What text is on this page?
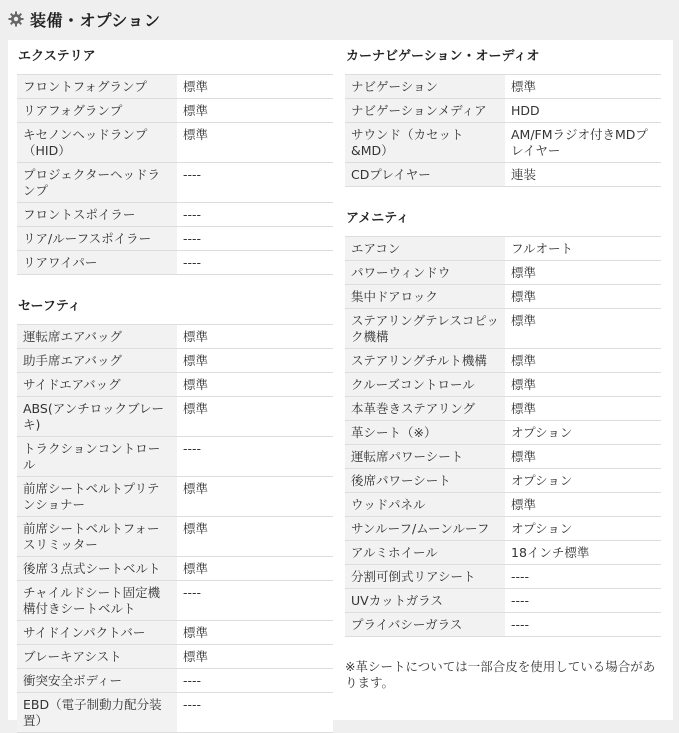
装備・オプション
エクステリア
フロントフォグランプ	標準
リアフォグランプ	標準
キセノンヘッドランプ（HID）	標準
プロジェクターヘッドランプ	----
フロントスポイラー	----
リア/ルーフスポイラー	----
リアワイパー	----
セーフティ
運転席エアバッグ	標準
助手席エアバッグ	標準
サイドエアバッグ	標準
ABS(アンチロックブレーキ)	標準
トラクションコントロール	----
前席シートベルトプリテンショナー	標準
前席シートベルトフォースリミッター	標準
後席３点式シートベルト	標準
チャイルドシート固定機構付きシートベルト	----
サイドインパクトバー	標準
ブレーキアシスト	標準
衝突安全ボディー	----
EBD（電子制動力配分装置）	----
カーナビゲーション・オーディオ
ナビゲーション	標準
ナビゲーションメディア	HDD
サウンド（カセット&MD）	AM/FMラジオ付きMDプレイヤー
CDプレイヤー	連装
アメニティ
エアコン	フルオート
パワーウィンドウ	標準
集中ドアロック	標準
ステアリングテレスコピック機構	標準
ステアリングチルト機構	標準
クルーズコントロール	標準
本革巻きステアリング	標準
革シート（※）	オプション
運転席パワーシート	標準
後席パワーシート	オプション
ウッドパネル	標準
サンルーフ/ムーンルーフ	オプション
アルミホイール	18インチ標準
分割可倒式リアシート	----
UVカットガラス	----
プライバシーガラス	----
※革シートについては一部合皮を使用している場合があります。
